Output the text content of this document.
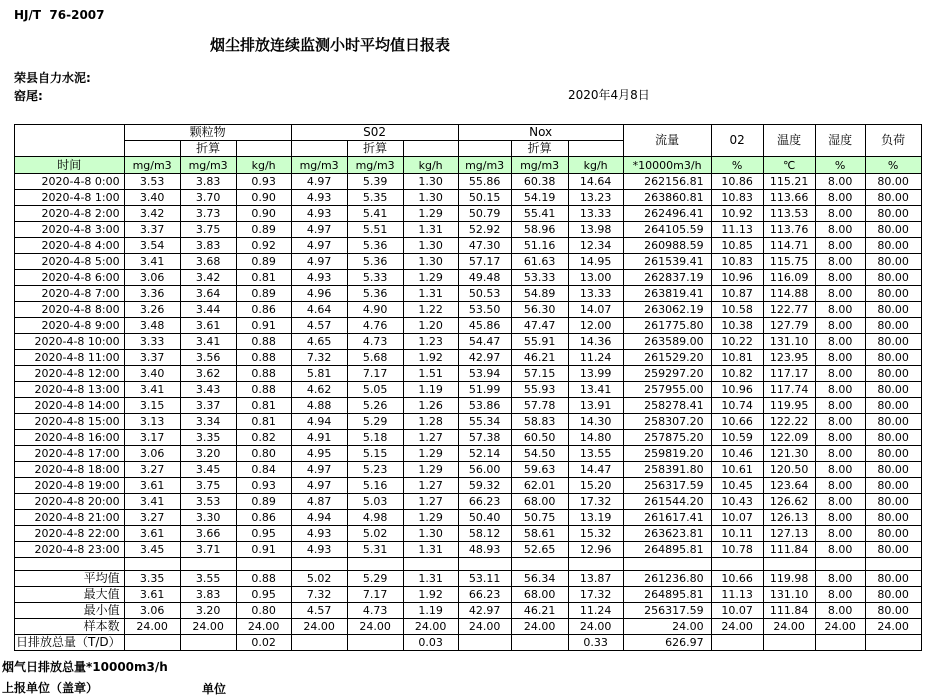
HJ/T  76-2007
烟尘排放连续监测小时平均值日报表
荣县自力水泥:
窑尾:	2020年4月8日
	颗粒物			S02			Nox			流量	02	温度	湿度	负荷
		折算			折算			折算						
时间	mg/m3	mg/m3	kg/h	mg/m3	mg/m3	kg/h	mg/m3	mg/m3	kg/h	*10000m3/h	%	℃	%	%
2020-4-8 0:00	3.53	3.83	0.93	4.97	5.39	1.30	55.86	60.38	14.64	262156.81	10.86	115.21	8.00	80.00
2020-4-8 1:00	3.40	3.70	0.90	4.93	5.35	1.30	50.15	54.19	13.23	263860.81	10.83	113.66	8.00	80.00
2020-4-8 2:00	3.42	3.73	0.90	4.93	5.41	1.29	50.79	55.41	13.33	262496.41	10.92	113.53	8.00	80.00
2020-4-8 3:00	3.37	3.75	0.89	4.97	5.51	1.31	52.92	58.96	13.98	264105.59	11.13	113.76	8.00	80.00
2020-4-8 4:00	3.54	3.83	0.92	4.97	5.36	1.30	47.30	51.16	12.34	260988.59	10.85	114.71	8.00	80.00
2020-4-8 5:00	3.41	3.68	0.89	4.97	5.36	1.30	57.17	61.63	14.95	261539.41	10.83	115.75	8.00	80.00
2020-4-8 6:00	3.06	3.42	0.81	4.93	5.33	1.29	49.48	53.33	13.00	262837.19	10.96	116.09	8.00	80.00
2020-4-8 7:00	3.36	3.64	0.89	4.96	5.36	1.31	50.53	54.89	13.33	263819.41	10.87	114.88	8.00	80.00
2020-4-8 8:00	3.26	3.44	0.86	4.64	4.90	1.22	53.50	56.30	14.07	263062.19	10.58	122.77	8.00	80.00
2020-4-8 9:00	3.48	3.61	0.91	4.57	4.76	1.20	45.86	47.47	12.00	261775.80	10.38	127.79	8.00	80.00
2020-4-8 10:00	3.33	3.41	0.88	4.65	4.73	1.23	54.47	55.91	14.36	263589.00	10.22	131.10	8.00	80.00
2020-4-8 11:00	3.37	3.56	0.88	7.32	5.68	1.92	42.97	46.21	11.24	261529.20	10.81	123.95	8.00	80.00
2020-4-8 12:00	3.40	3.62	0.88	5.81	7.17	1.51	53.94	57.15	13.99	259297.20	10.82	117.17	8.00	80.00
2020-4-8 13:00	3.41	3.43	0.88	4.62	5.05	1.19	51.99	55.93	13.41	257955.00	10.96	117.74	8.00	80.00
2020-4-8 14:00	3.15	3.37	0.81	4.88	5.26	1.26	53.86	57.78	13.91	258278.41	10.74	119.95	8.00	80.00
2020-4-8 15:00	3.13	3.34	0.81	4.94	5.29	1.28	55.34	58.83	14.30	258307.20	10.66	122.22	8.00	80.00
2020-4-8 16:00	3.17	3.35	0.82	4.91	5.18	1.27	57.38	60.50	14.80	257875.20	10.59	122.09	8.00	80.00
2020-4-8 17:00	3.06	3.20	0.80	4.95	5.15	1.29	52.14	54.50	13.55	259819.20	10.46	121.30	8.00	80.00
2020-4-8 18:00	3.27	3.45	0.84	4.97	5.23	1.29	56.00	59.63	14.47	258391.80	10.61	120.50	8.00	80.00
2020-4-8 19:00	3.61	3.75	0.93	4.97	5.16	1.27	59.32	62.01	15.20	256317.59	10.45	123.64	8.00	80.00
2020-4-8 20:00	3.41	3.53	0.89	4.87	5.03	1.27	66.23	68.00	17.32	261544.20	10.43	126.62	8.00	80.00
2020-4-8 21:00	3.27	3.30	0.86	4.94	4.98	1.29	50.40	50.75	13.19	261617.41	10.07	126.13	8.00	80.00
2020-4-8 22:00	3.61	3.66	0.95	4.93	5.02	1.30	58.12	58.61	15.32	263623.81	10.11	127.13	8.00	80.00
2020-4-8 23:00	3.45	3.71	0.91	4.93	5.31	1.31	48.93	52.65	12.96	264895.81	10.78	111.84	8.00	80.00

平均值	3.35	3.55	0.88	5.02	5.29	1.31	53.11	56.34	13.87	261236.80	10.66	119.98	8.00	80.00
最大值	3.61	3.83	0.95	7.32	7.17	1.92	66.23	68.00	17.32	264895.81	11.13	131.10	8.00	80.00
最小值	3.06	3.20	0.80	4.57	4.73	1.19	42.97	46.21	11.24	256317.59	10.07	111.84	8.00	80.00
样本数	24.00	24.00	24.00	24.00	24.00	24.00	24.00	24.00	24.00	24.00	24.00	24.00	24.00	24.00
日排放总量（T/D）			0.02			0.03			0.33	626.97				
烟气日排放总量*10000m3/h
上报单位（盖章）	单位
